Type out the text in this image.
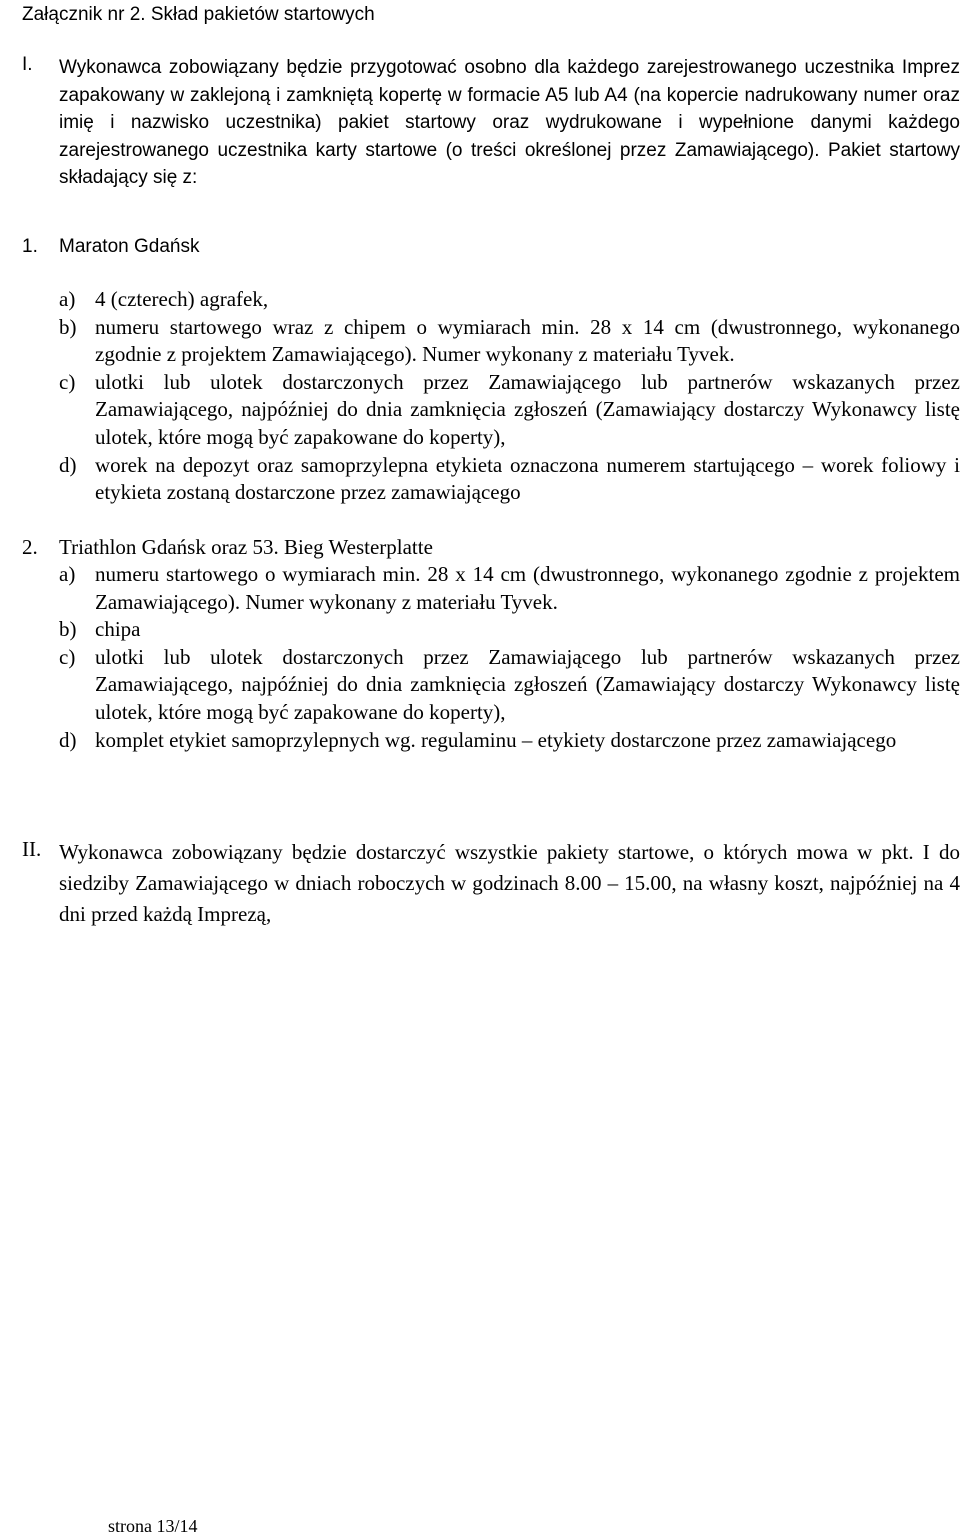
Załącznik nr 2. Skład pakietów startowych
I. Wykonawca zobowiązany będzie przygotować osobno dla każdego zarejestrowanego uczestnika Imprez zapakowany w zaklejoną i zamkniętą kopertę w formacie A5 lub A4 (na kopercie nadrukowany numer oraz imię i nazwisko uczestnika) pakiet startowy oraz wydrukowane i wypełnione danymi każdego zarejestrowanego uczestnika karty startowe (o treści określonej przez Zamawiającego). Pakiet startowy składający się z:
1. Maraton Gdańsk
a) 4 (czterech) agrafek,
b) numeru startowego wraz z chipem o wymiarach min. 28 x 14 cm (dwustronnego, wykonanego zgodnie z projektem Zamawiającego). Numer wykonany z materiału Tyvek.
c) ulotki lub ulotek dostarczonych przez Zamawiającego lub partnerów wskazanych przez Zamawiającego, najpóźniej do dnia zamknięcia zgłoszeń (Zamawiający dostarczy Wykonawcy listę ulotek, które mogą być zapakowane do koperty),
d) worek na depozyt oraz samoprzylepna etykieta oznaczona numerem startującego – worek foliowy i etykieta zostaną dostarczone przez zamawiającego
2. Triathlon Gdańsk oraz 53. Bieg Westerplatte
a) numeru startowego o wymiarach min. 28 x 14 cm (dwustronnego, wykonanego zgodnie z projektem Zamawiającego). Numer wykonany z materiału Tyvek.
b) chipa
c) ulotki lub ulotek dostarczonych przez Zamawiającego lub partnerów wskazanych przez Zamawiającego, najpóźniej do dnia zamknięcia zgłoszeń (Zamawiający dostarczy Wykonawcy listę ulotek, które mogą być zapakowane do koperty),
d) komplet etykiet samoprzylepnych wg. regulaminu – etykiety dostarczone przez zamawiającego
II. Wykonawca zobowiązany będzie dostarczyć wszystkie pakiety startowe, o których mowa w pkt. I do siedziby Zamawiającego w dniach roboczych w godzinach 8.00 – 15.00, na własny koszt, najpóźniej na 4 dni przed każdą Imprezą,
strona 13/14
